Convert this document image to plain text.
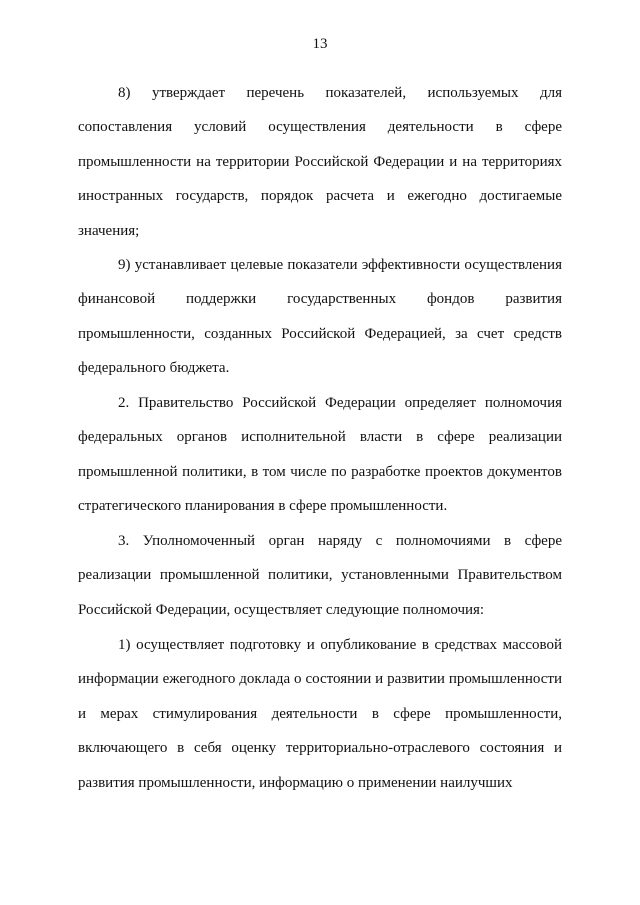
13

8) утверждает перечень показателей, используемых для сопоставления условий осуществления деятельности в сфере промышленности на территории Российской Федерации и на территориях иностранных государств, порядок расчета и ежегодно достигаемые значения;

9) устанавливает целевые показатели эффективности осуществления финансовой поддержки государственных фондов развития промышленности, созданных Российской Федерацией, за счет средств федерального бюджета.

2. Правительство Российской Федерации определяет полномочия федеральных органов исполнительной власти в сфере реализации промышленной политики, в том числе по разработке проектов документов стратегического планирования в сфере промышленности.

3. Уполномоченный орган наряду с полномочиями в сфере реализации промышленной политики, установленными Правительством Российской Федерации, осуществляет следующие полномочия:

1) осуществляет подготовку и опубликование в средствах массовой информации ежегодного доклада о состоянии и развитии промышленности и мерах стимулирования деятельности в сфере промышленности, включающего в себя оценку территориально-отраслевого состояния и развития промышленности, информацию о применении наилучших
